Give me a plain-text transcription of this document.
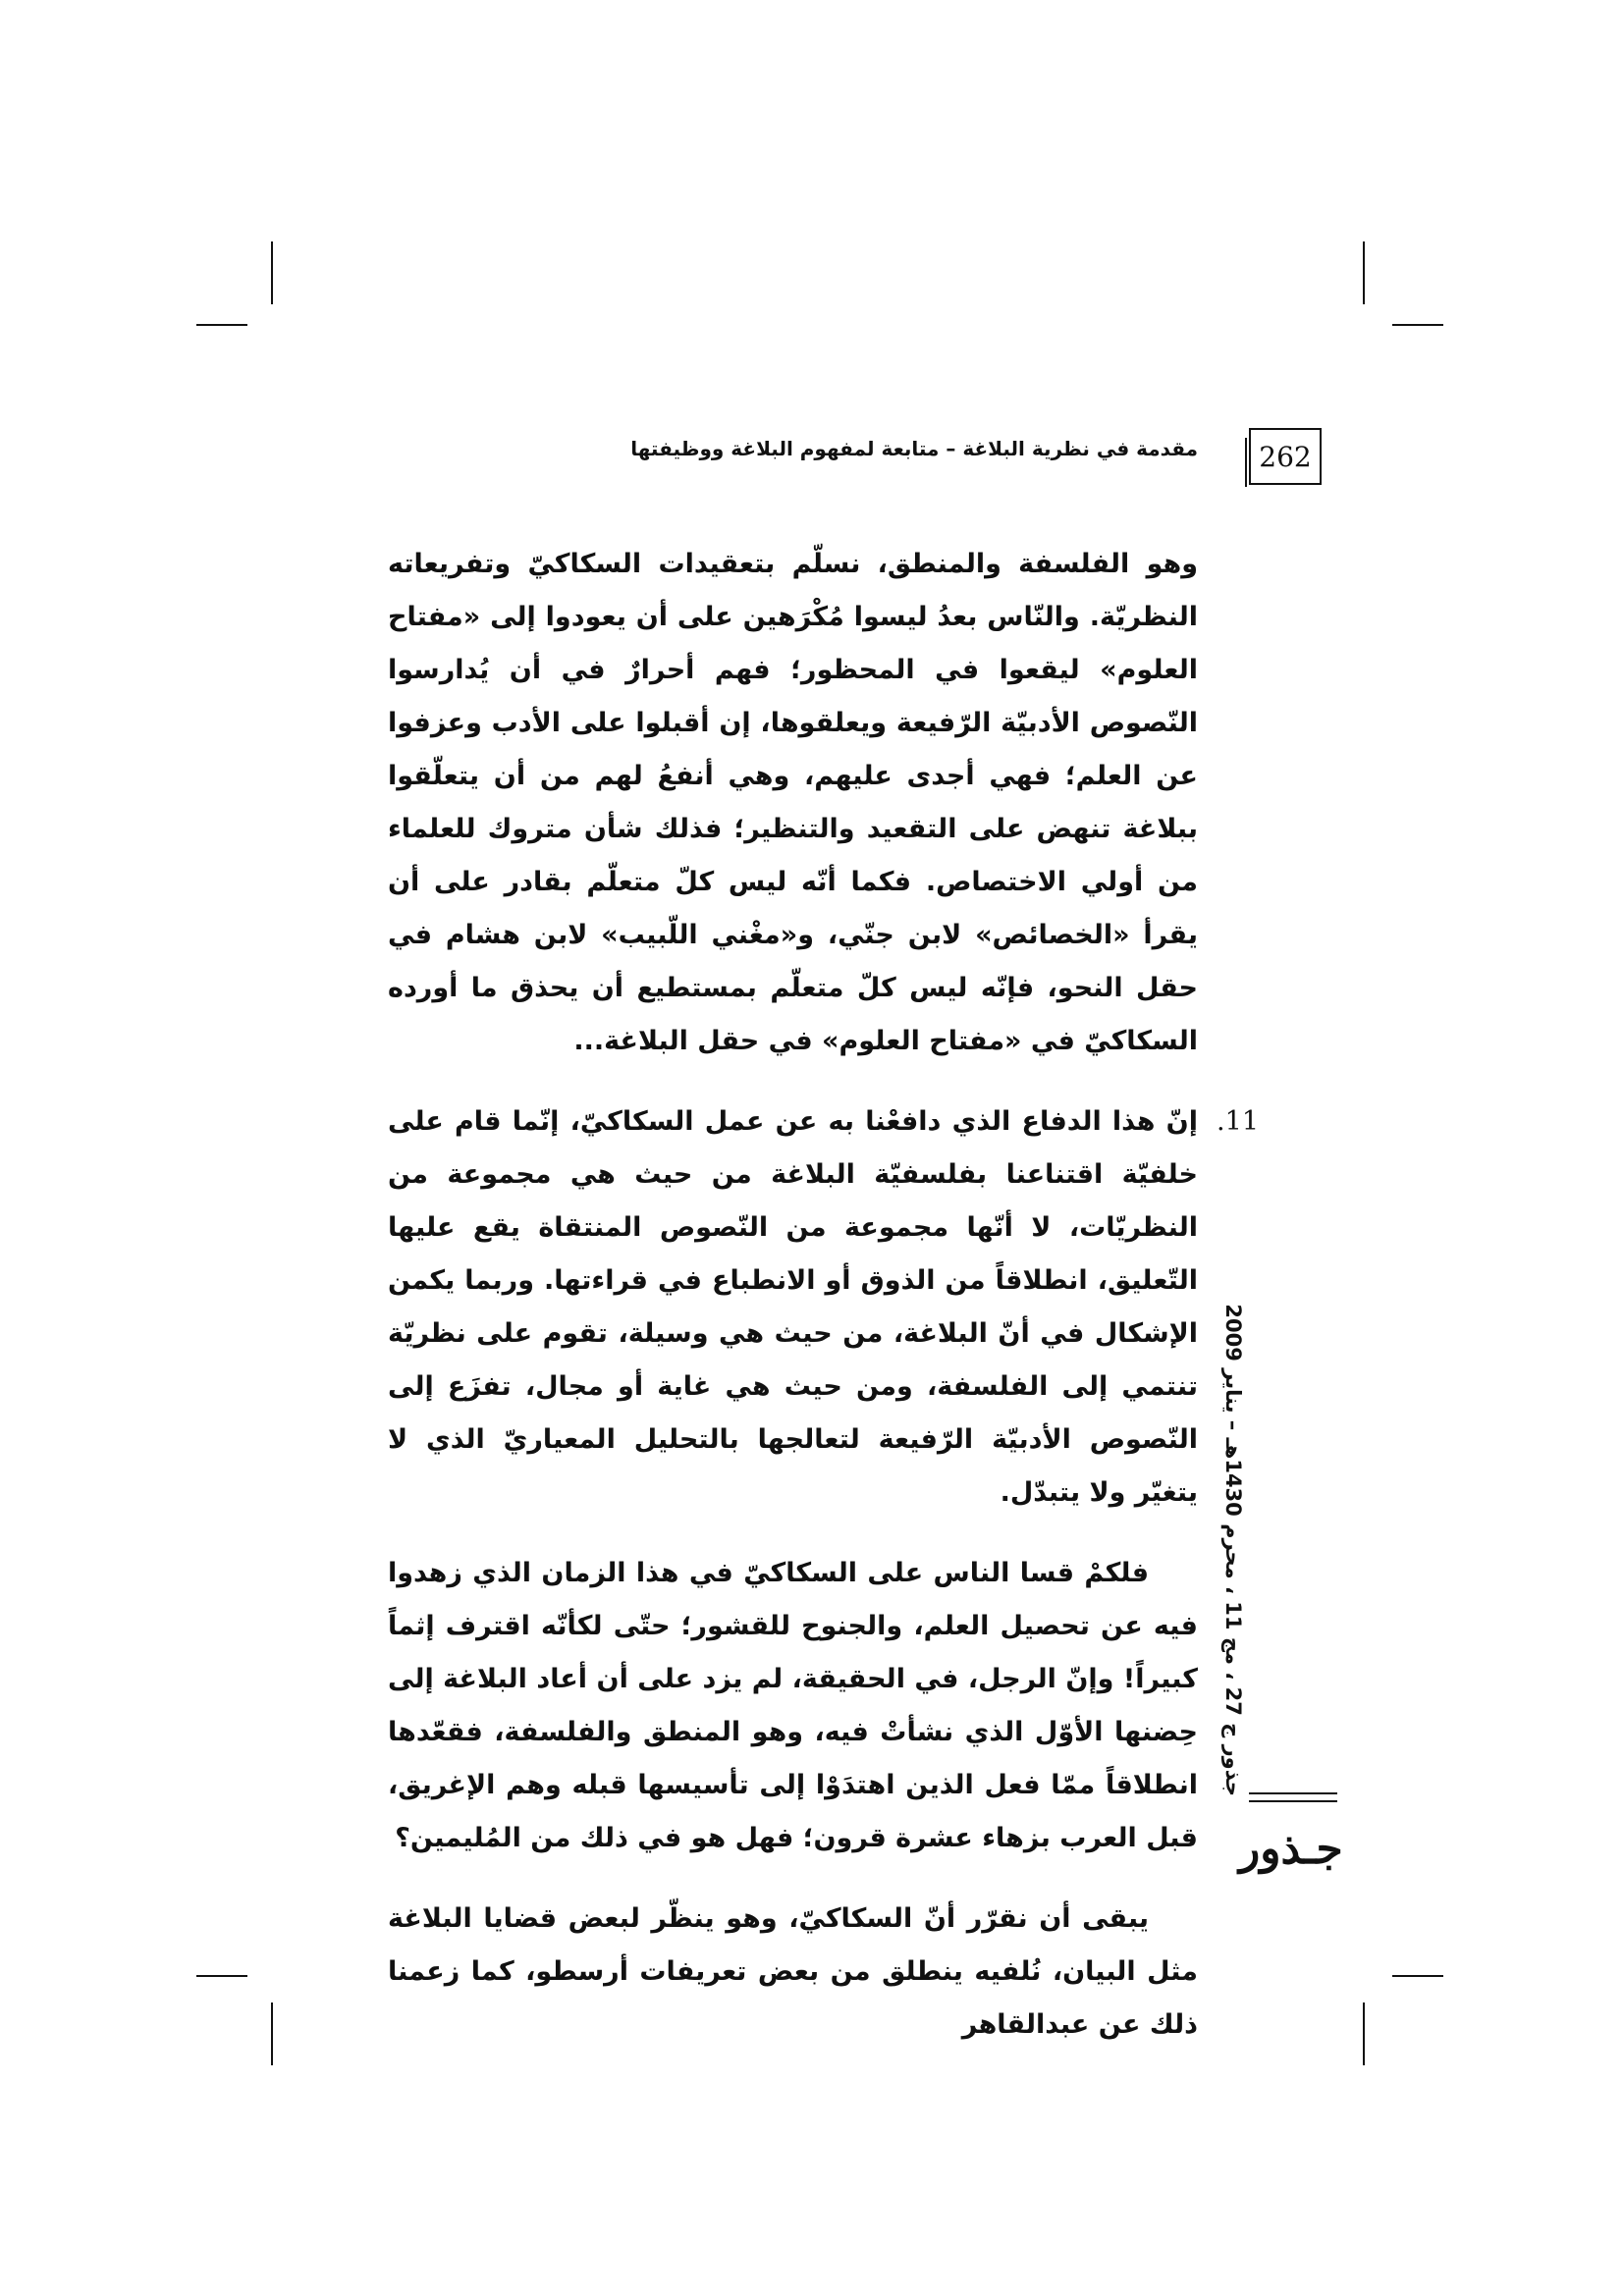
مقدمة في نظرية البلاغة – متابعة لمفهوم البلاغة ووظيفتها	262

وهو الفلسفة والمنطق، نسلّم بتعقيدات السكاكيّ وتفريعاته النظريّة. والنّاس بعدُ ليسوا مُكْرَهين على أن يعودوا إلى «مفتاح العلوم» ليقعوا في المحظور؛ فهم أحرارٌ في أن يُدارسوا النّصوص الأدبيّة الرّفيعة ويعلقوها، إن أقبلوا على الأدب وعزفوا عن العلم؛ فهي أجدى عليهم، وهي أنفعُ لهم من أن يتعلّقوا ببلاغة تنهض على التقعيد والتنظير؛ فذلك شأن متروك للعلماء من أولي الاختصاص. فكما أنّه ليس كلّ متعلّم بقادر على أن يقرأ «الخصائص» لابن جنّي، و«مغْني اللّبيب» لابن هشام في حقل النحو، فإنّه ليس كلّ متعلّم بمستطيع أن يحذق ما أورده السكاكيّ في «مفتاح العلوم» في حقل البلاغة...

11.
إنّ هذا الدفاع الذي دافعْنا به عن عمل السكاكيّ، إنّما قام على خلفيّة اقتناعنا بفلسفيّة البلاغة من حيث هي مجموعة من النظريّات، لا أنّها مجموعة من النّصوص المنتقاة يقع عليها التّعليق، انطلاقاً من الذوق أو الانطباع في قراءتها. وربما يكمن الإشكال في أنّ البلاغة، من حيث هي وسيلة، تقوم على نظريّة تنتمي إلى الفلسفة، ومن حيث هي غاية أو مجال، تفزَع إلى النّصوص الأدبيّة الرّفيعة لتعالجها بالتحليل المعياريّ الذي لا يتغيّر ولا يتبدّل.

فلكمْ قسا الناس على السكاكيّ في هذا الزمان الذي زهدوا فيه عن تحصيل العلم، والجنوح للقشور؛ حتّى لكأنّه اقترف إثماً كبيراً! وإنّ الرجل، في الحقيقة، لم يزد على أن أعاد البلاغة إلى حِضنها الأوّل الذي نشأتْ فيه، وهو المنطق والفلسفة، فقعّدها انطلاقاً ممّا فعل الذين اهتدَوْا إلى تأسيسها قبله وهم الإغريق، قبل العرب بزهاء عشرة قرون؛ فهل هو في ذلك من المُليمين؟

يبقى أن نقرّر أنّ السكاكيّ، وهو ينظّر لبعض قضايا البلاغة مثل البيان، نُلفيه ينطلق من بعض تعريفات أرسطو، كما زعمنا ذلك عن عبدالقاهر

جذور ج 27 ، مج 11 ، محرم 1430هـ – يناير 2009
جـذور
